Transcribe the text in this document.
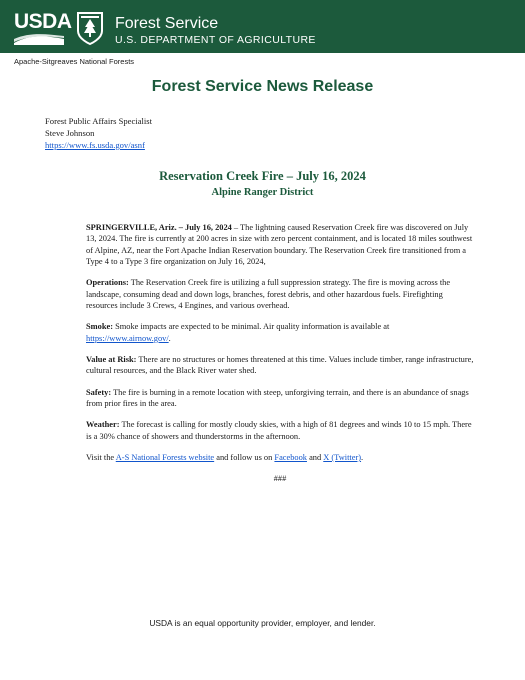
USDA	Forest Service
U.S. DEPARTMENT OF AGRICULTURE
Apache-Sitgreaves National Forests
Forest Service News Release
Forest Public Affairs Specialist
Steve Johnson
https://www.fs.usda.gov/asnf
Reservation Creek Fire – July 16, 2024
Alpine Ranger District

SPRINGERVILLE, Ariz. – July 16, 2024 – The lightning caused Reservation Creek fire was discovered on July 13, 2024. The fire is currently at 200 acres in size with zero percent containment, and is located 18 miles southwest of Alpine, AZ, near the Fort Apache Indian Reservation boundary. The Reservation Creek fire transitioned from a Type 4 to a Type 3 fire organization on July 16, 2024,

Operations: The Reservation Creek fire is utilizing a full suppression strategy. The fire is moving across the landscape, consuming dead and down logs, branches, forest debris, and other hazardous fuels. Firefighting resources include 3 Crews, 4 Engines, and various overhead.

Smoke: Smoke impacts are expected to be minimal. Air quality information is available at https://www.airnow.gov/.

Value at Risk: There are no structures or homes threatened at this time. Values include timber, range infrastructure, cultural resources, and the Black River water shed.

Safety: The fire is burning in a remote location with steep, unforgiving terrain, and there is an abundance of snags from prior fires in the area.

Weather: The forecast is calling for mostly cloudy skies, with a high of 81 degrees and winds 10 to 15 mph. There is a 30% chance of showers and thunderstorms in the afternoon.

Visit the A-S National Forests website and follow us on Facebook and X (Twitter).

###

USDA is an equal opportunity provider, employer, and lender.
